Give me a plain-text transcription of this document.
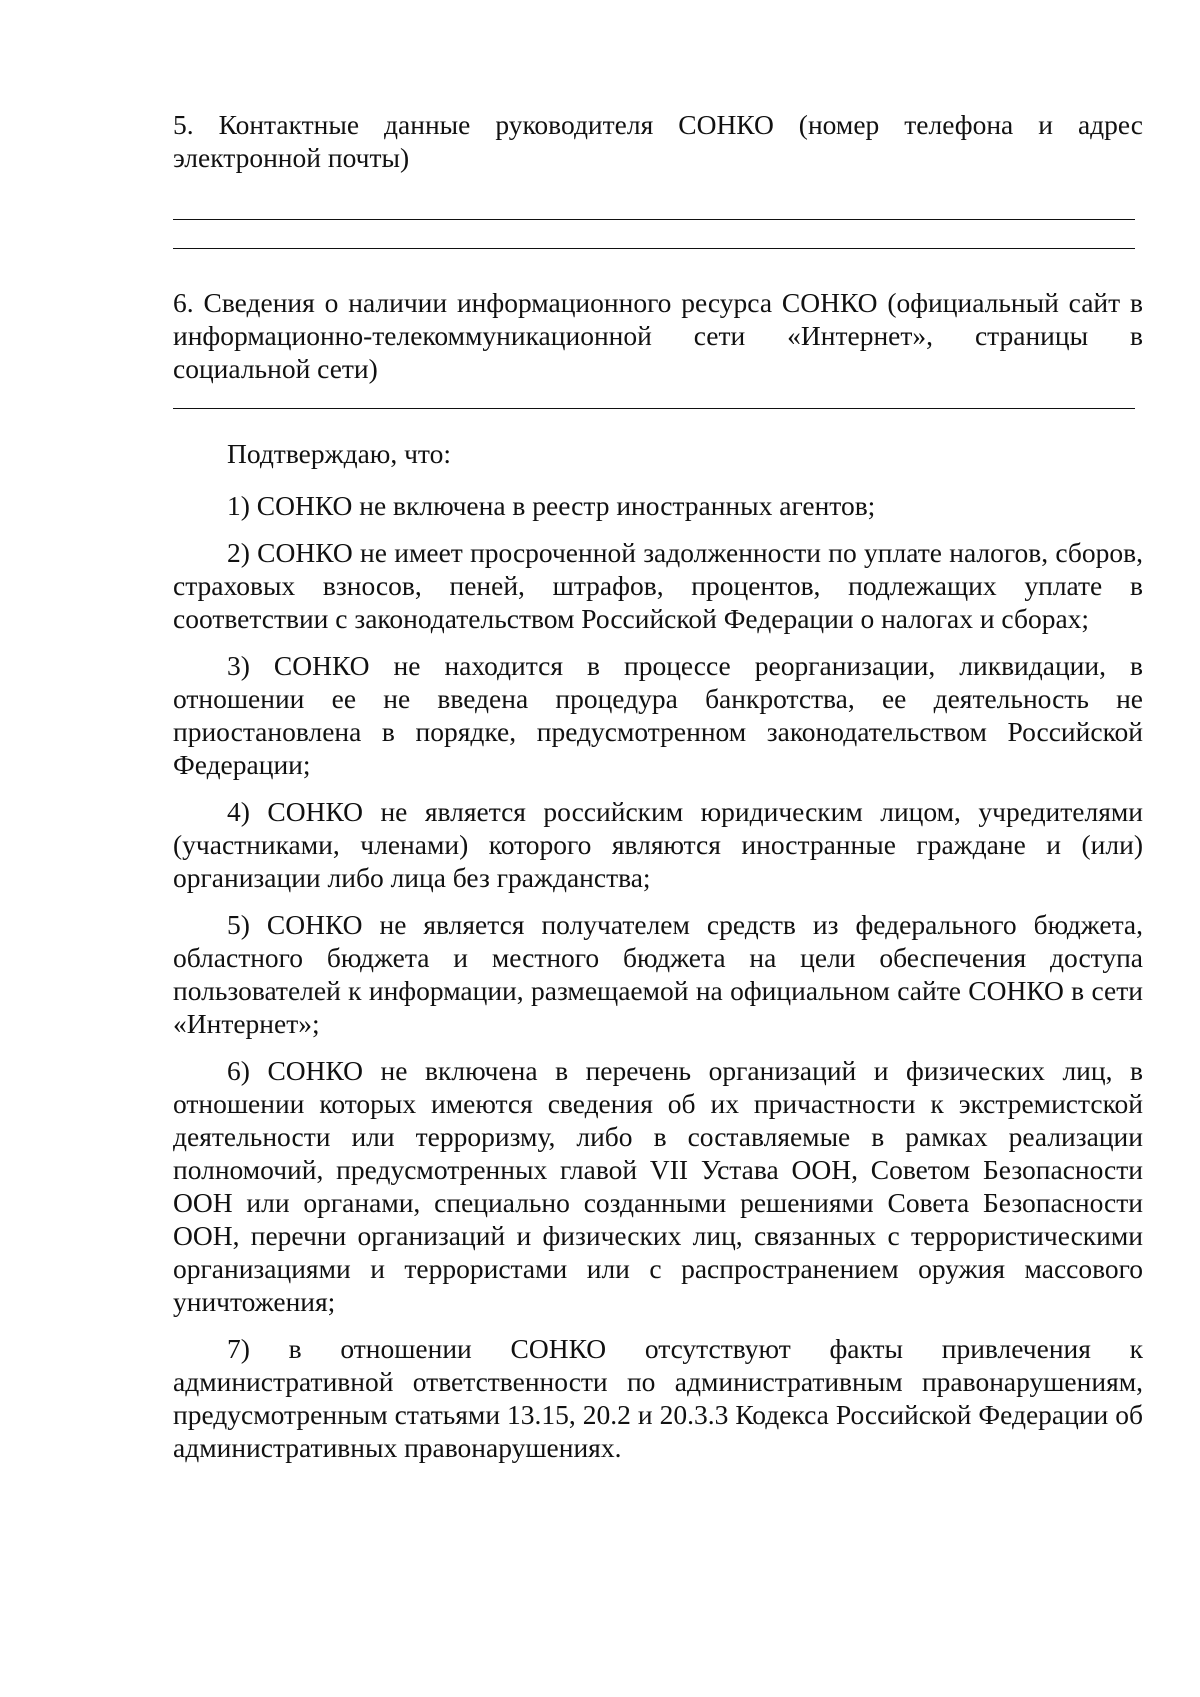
5. Контактные данные руководителя СОНКО (номер телефона и адрес электронной почты)

6. Сведения о наличии информационного ресурса СОНКО (официальный сайт в информационно-телекоммуникационной сети «Интернет», страницы в социальной сети)

Подтверждаю, что:

1) СОНКО не включена в реестр иностранных агентов;

2) СОНКО не имеет просроченной задолженности по уплате налогов, сборов, страховых взносов, пеней, штрафов, процентов, подлежащих уплате в соответствии с законодательством Российской Федерации о налогах и сборах;

3) СОНКО не находится в процессе реорганизации, ликвидации, в отношении ее не введена процедура банкротства, ее деятельность не приостановлена в порядке, предусмотренном законодательством Российской Федерации;

4) СОНКО не является российским юридическим лицом, учредителями (участниками, членами) которого являются иностранные граждане и (или) организации либо лица без гражданства;

5) СОНКО не является получателем средств из федерального бюджета, областного бюджета и местного бюджета на цели обеспечения доступа пользователей к информации, размещаемой на официальном сайте СОНКО в сети «Интернет»;

6) СОНКО не включена в перечень организаций и физических лиц, в отношении которых имеются сведения об их причастности к экстремистской деятельности или терроризму, либо в составляемые в рамках реализации полномочий, предусмотренных главой VII Устава ООН, Советом Безопасности ООН или органами, специально созданными решениями Совета Безопасности ООН, перечни организаций и физических лиц, связанных с террористическими организациями и террористами или с распространением оружия массового уничтожения;

7) в отношении СОНКО отсутствуют факты привлечения к административной ответственности по административным правонарушениям, предусмотренным статьями 13.15, 20.2 и 20.3.3 Кодекса Российской Федерации об административных правонарушениях.
